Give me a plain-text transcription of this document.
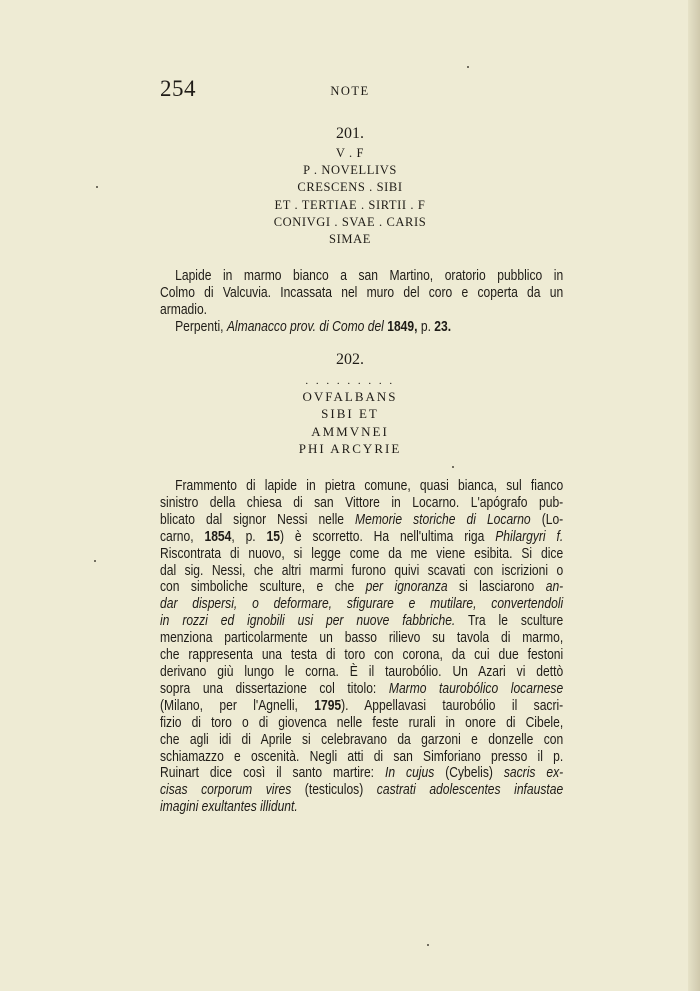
254	NOTE
201.
V . F
P . NOVELLIVS
CRESCENS . SIBI
ET . TERTIAE . SIRTII . F
CONIVGI . SVAE . CARIS
SIMAE
Lapide in marmo bianco a san Martino, oratorio pubblico in
Colmo di Valcuvia. Incassata nel muro del coro e coperta da un
armadio.
Perpenti, Almanacco prov. di Como del 1849, p. 23.
202.
. . . . . . . . .
OVFALBANS
SIBI ET
AMMVNEI
PHI ARCYRIE
Frammento di lapide in pietra comune, quasi bianca, sul fianco
sinistro della chiesa di san Vittore in Locarno. L'apógrafo pub-
blicato dal signor Nessi nelle Memorie storiche di Locarno (Lo-
carno, 1854, p. 15) è scorretto. Ha nell'ultima riga Philargyri f.
Riscontrata di nuovo, si legge come da me viene esibita. Si dice
dal sig. Nessi, che altri marmi furono quivi scavati con iscrizioni o
con simboliche sculture, e che per ignoranza si lasciarono an-
dar dispersi, o deformare, sfigurare e mutilare, convertendoli
in rozzi ed ignobili usi per nuove fabbriche. Tra le sculture
menziona particolarmente un basso rilievo su tavola di marmo,
che rappresenta una testa di toro con corona, da cui due festoni
derivano giù lungo le corna. È il taurobólio. Un Azari vi dettò
sopra una dissertazione col titolo: Marmo taurobólico locarnese
(Milano, per l'Agnelli, 1795). Appellavasi taurobólio il sacri-
fizio di toro o di giovenca nelle feste rurali in onore di Cibele,
che agli idi di Aprile si celebravano da garzoni e donzelle con
schiamazzo e oscenità. Negli atti di san Simforiano presso il p.
Ruinart dice così il santo martire: In cujus (Cybelis) sacris ex-
cisas corporum vires (testiculos) castrati adolescentes infaustae
imagini exultantes illidunt.
